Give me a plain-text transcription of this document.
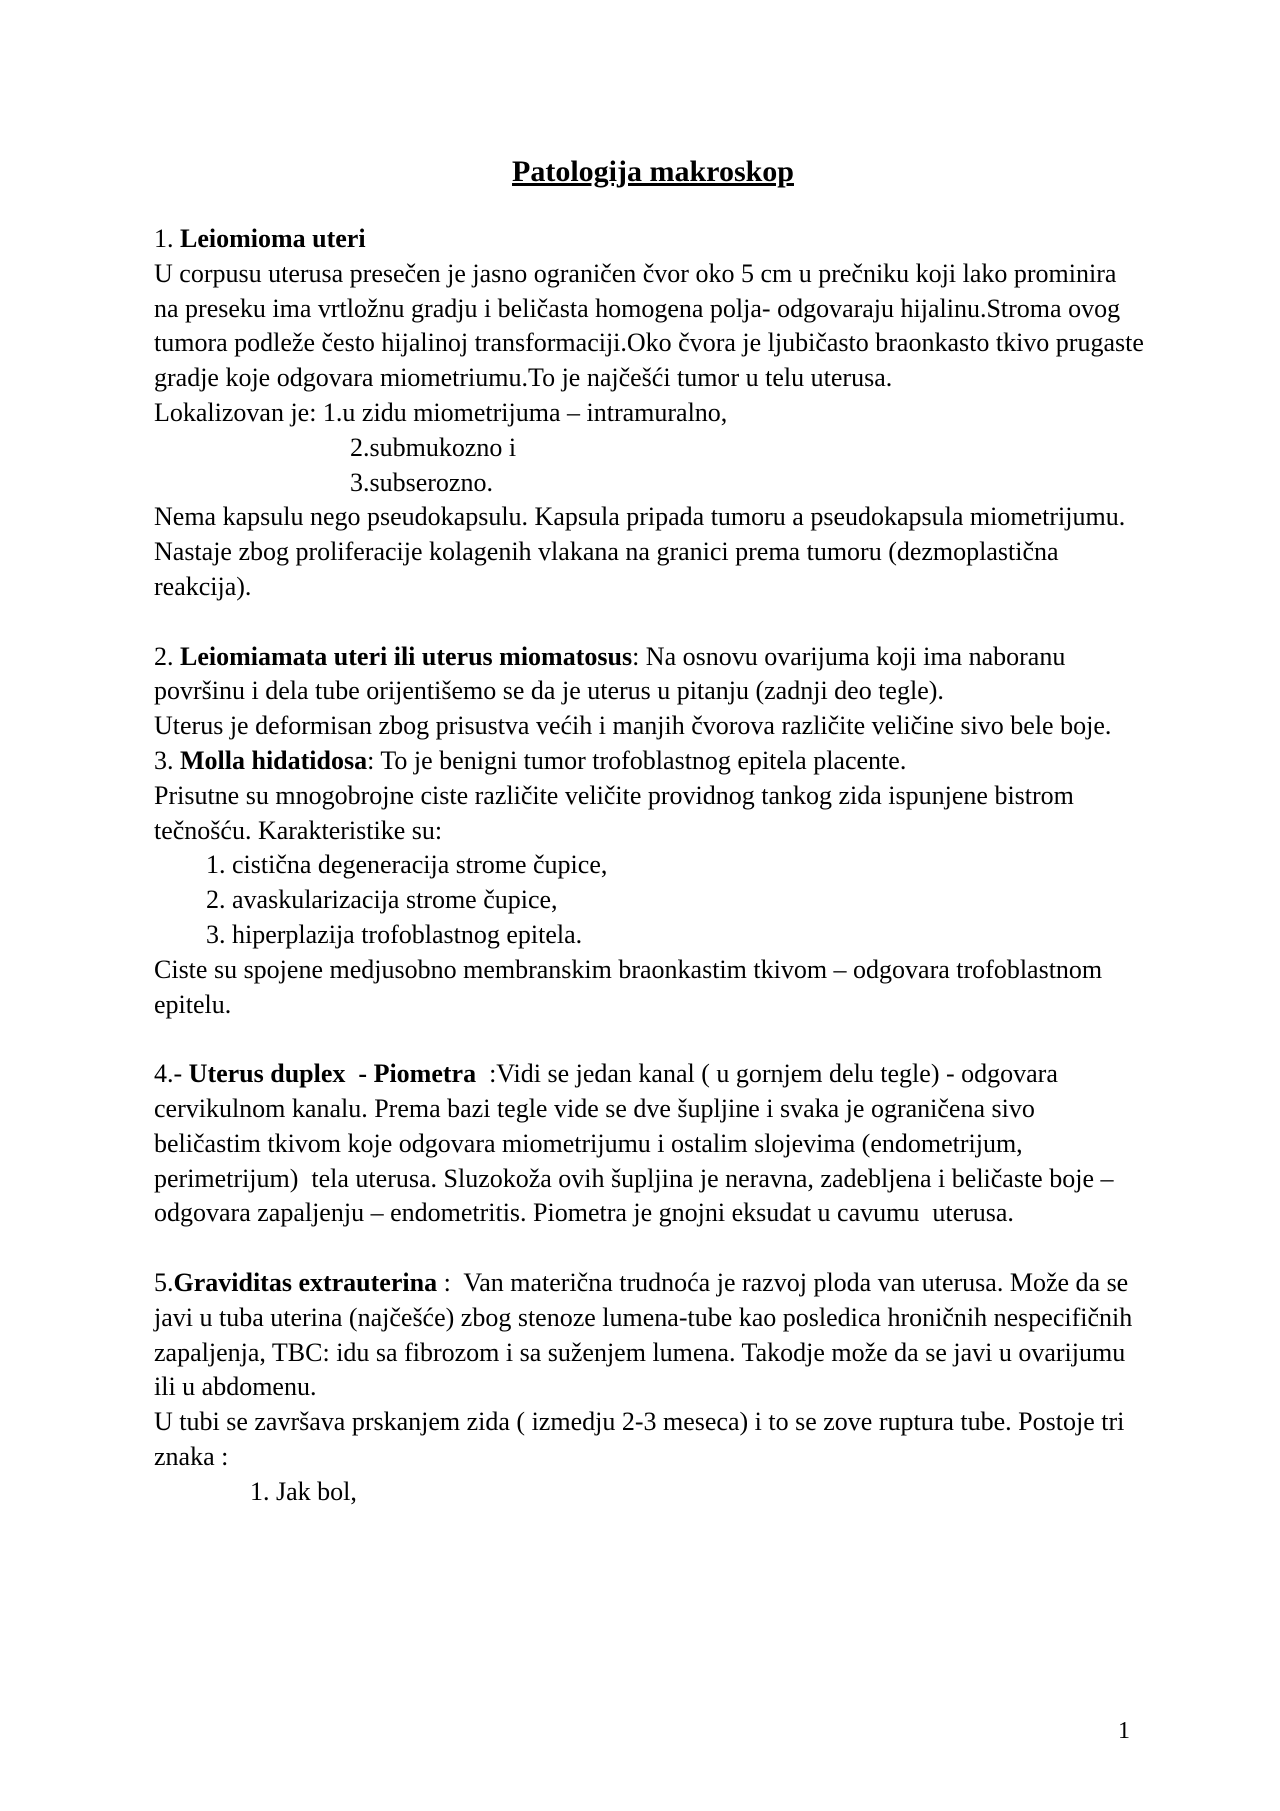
Patologija makroskop

1. Leiomioma uteri

U corpusu uterusa presečen je jasno ograničen čvor oko 5 cm u prečniku koji lako prominira na preseku ima vrtložnu gradju i beličasta homogena polja- odgovaraju hijalinu.Stroma ovog tumora podleže često hijalinoj transformaciji.Oko čvora je ljubičasto braonkasto tkivo prugaste gradje koje odgovara miometriumu.To je najčešći tumor u telu uterusa.

Lokalizovan je: 1.u zidu miometrijuma – intramuralno,

2.submukozno i

3.subserozno.

Nema kapsulu nego pseudokapsulu. Kapsula pripada tumoru a pseudokapsula miometrijumu. Nastaje zbog proliferacije kolagenih vlakana na granici prema tumoru (dezmoplastična reakcija).

2. Leiomiamata uteri ili uterus miomatosus: Na osnovu ovarijuma koji ima naboranu površinu i dela tube orijentišemo se da je uterus u pitanju (zadnji deo tegle).

Uterus je deformisan zbog prisustva većih i manjih čvorova različite veličine sivo bele boje.

3. Molla hidatidosa: To je benigni tumor trofoblastnog epitela placente.

Prisutne su mnogobrojne ciste različite veličite providnog tankog zida ispunjene bistrom tečnošću. Karakteristike su:

1. cistična degeneracija strome čupice,

2. avaskularizacija strome čupice,

3. hiperplazija trofoblastnog epitela.

Ciste su spojene medjusobno membranskim braonkastim tkivom – odgovara trofoblastnom epitelu.

4.- Uterus duplex  - Piometra  :Vidi se jedan kanal ( u gornjem delu tegle) - odgovara cervikulnom kanalu. Prema bazi tegle vide se dve šupljine i svaka je ograničena sivo beličastim tkivom koje odgovara miometrijumu i ostalim slojevima (endometrijum, perimetrijum)  tela uterusa. Sluzokoža ovih šupljina je neravna, zadebljena i beličaste boje – odgovara zapaljenju – endometritis. Piometra je gnojni eksudat u cavumu  uterusa.

5.Graviditas extrauterina :  Van materična trudnoća je razvoj ploda van uterusa. Može da se javi u tuba uterina (najčešće) zbog stenoze lumena-tube kao posledica hroničnih nespecifičnih zapaljenja, TBC: idu sa fibrozom i sa suženjem lumena. Takodje može da se javi u ovarijumu ili u abdomenu.

U tubi se završava prskanjem zida ( izmedju 2-3 meseca) i to se zove ruptura tube. Postoje tri znaka :

1. Jak bol,

1
